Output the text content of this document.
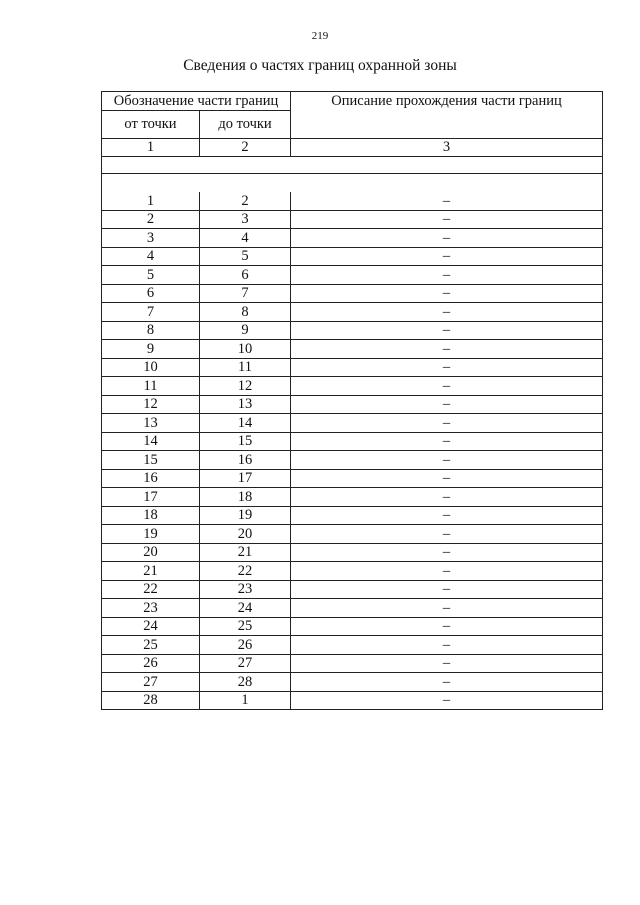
219
Сведения о частях границ охранной зоны
Обозначение части границ		Описание прохождения части границ
от точки	до точки	
1	2	3

1	2	–
2	3	–
3	4	–
4	5	–
5	6	–
6	7	–
7	8	–
8	9	–
9	10	–
10	11	–
11	12	–
12	13	–
13	14	–
14	15	–
15	16	–
16	17	–
17	18	–
18	19	–
19	20	–
20	21	–
21	22	–
22	23	–
23	24	–
24	25	–
25	26	–
26	27	–
27	28	–
28	1	–
